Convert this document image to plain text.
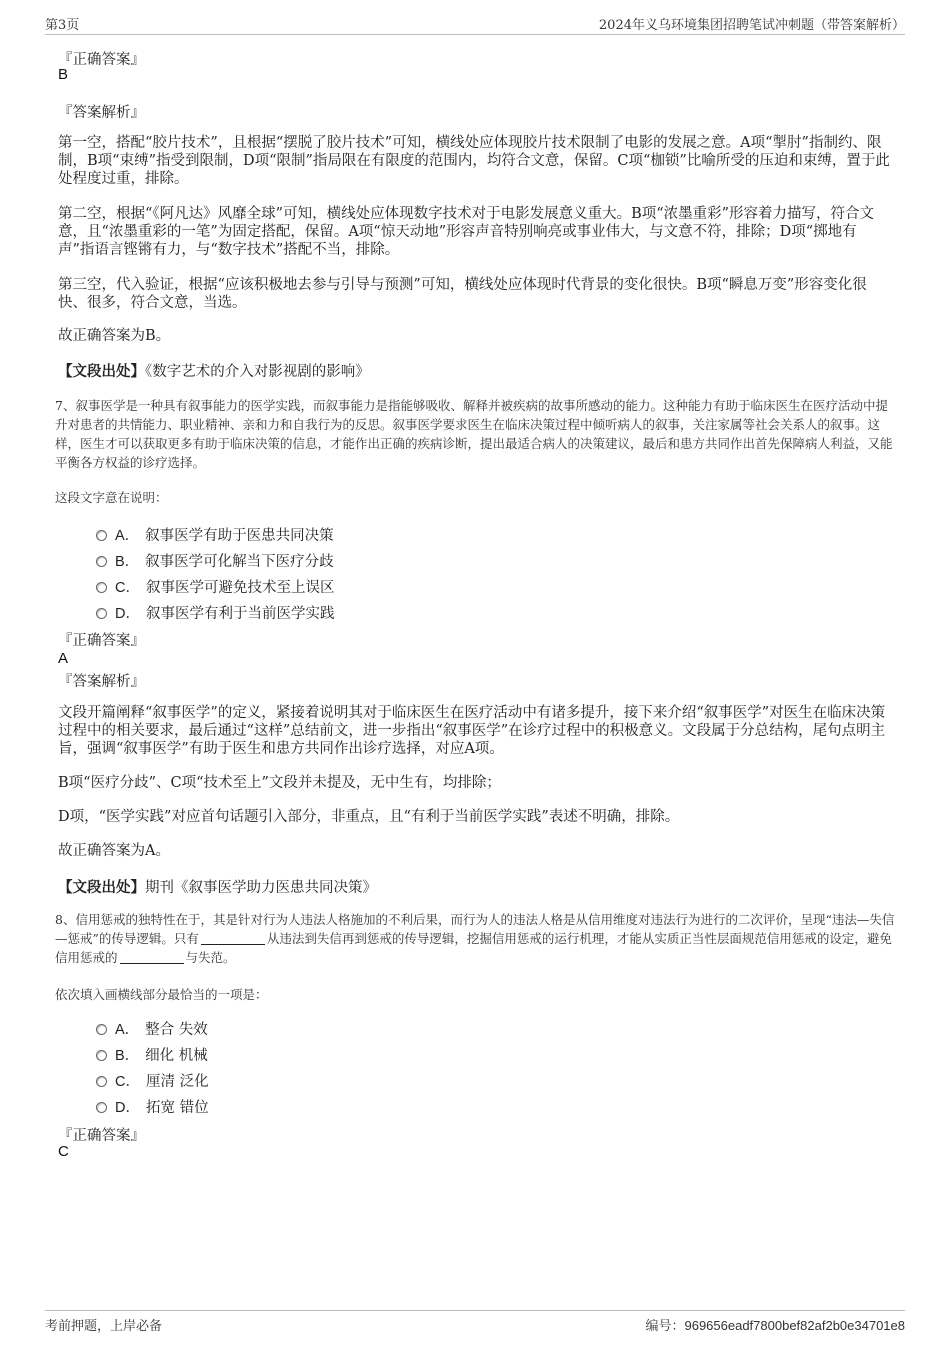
第3页	2024年义乌环境集团招聘笔试冲刺题（带答案解析）
『正确答案』
B
『答案解析』

第一空，搭配“胶片技术”，且根据“摆脱了胶片技术”可知，横线处应体现胶片技术限制了电影的发展之意。A项“掣肘”指制约、限制，B项“束缚”指受到限制，D项“限制”指局限在有限度的范围内，均符合文意，保留。C项“枷锁”比喻所受的压迫和束缚，置于此处程度过重，排除。

第二空，根据“《阿凡达》风靡全球”可知，横线处应体现数字技术对于电影发展意义重大。B项“浓墨重彩”形容着力描写，符合文意，且“浓墨重彩的一笔”为固定搭配，保留。A项“惊天动地”形容声音特别响亮或事业伟大，与文意不符，排除；D项“掷地有声”指语言铿锵有力，与“数字技术”搭配不当，排除。

第三空，代入验证，根据“应该积极地去参与引导与预测”可知，横线处应体现时代背景的变化很快。B项“瞬息万变”形容变化很快、很多，符合文意，当选。

故正确答案为B。

【文段出处】《数字艺术的介入对影视剧的影响》

7、叙事医学是一种具有叙事能力的医学实践，而叙事能力是指能够吸收、解释并被疾病的故事所感动的能力。这种能力有助于临床医生在医疗活动中提升对患者的共情能力、职业精神、亲和力和自我行为的反思。叙事医学要求医生在临床决策过程中倾听病人的叙事，关注家属等社会关系人的叙事。这样，医生才可以获取更多有助于临床决策的信息，才能作出正确的疾病诊断，提出最适合病人的决策建议，最后和患方共同作出首先保障病人利益，又能平衡各方权益的诊疗选择。

这段文字意在说明：

A． 叙事医学有助于医患共同决策
B． 叙事医学可化解当下医疗分歧
C． 叙事医学可避免技术至上误区
D． 叙事医学有利于当前医学实践
『正确答案』
A
『答案解析』

文段开篇阐释“叙事医学”的定义，紧接着说明其对于临床医生在医疗活动中有诸多提升，接下来介绍“叙事医学”对医生在临床决策过程中的相关要求，最后通过“这样”总结前文，进一步指出“叙事医学”在诊疗过程中的积极意义。文段属于分总结构，尾句点明主旨，强调“叙事医学”有助于医生和患方共同作出诊疗选择，对应A项。

B项“医疗分歧”、C项“技术至上”文段并未提及，无中生有，均排除；

D项，“医学实践”对应首句话题引入部分，非重点，且“有利于当前医学实践”表述不明确，排除。

故正确答案为A。

【文段出处】期刊《叙事医学助力医患共同决策》

8、信用惩戒的独特性在于，其是针对行为人违法人格施加的不利后果，而行为人的违法人格是从信用维度对违法行为进行的二次评价，呈现“违法—失信—惩戒”的传导逻辑。只有	从违法到失信再到惩戒的传导逻辑，挖掘信用惩戒的运行机理，才能从实质正当性层面规范信用惩戒的设定，避免信用惩戒的	与失范。

依次填入画横线部分最恰当的一项是：

A． 整合 失效
B． 细化 机械
C． 厘清 泛化
D． 拓宽 错位
『正确答案』
C
考前押题，上岸必备	编号：969656eadf7800bef82af2b0e34701e8
